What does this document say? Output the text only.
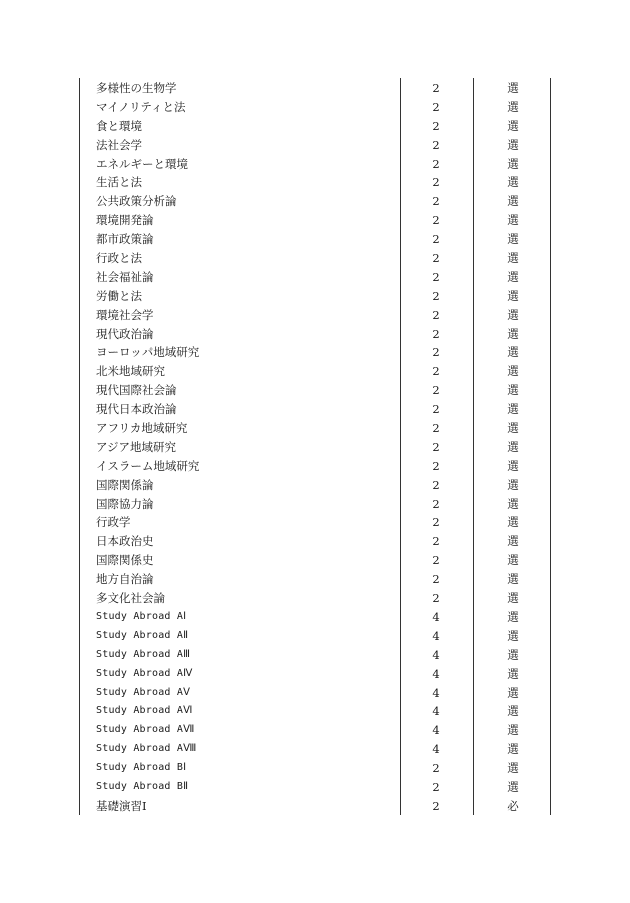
多様性の生物学	2	選
マイノリティと法	2	選
食と環境	2	選
法社会学	2	選
エネルギーと環境	2	選
生活と法	2	選
公共政策分析論	2	選
環境開発論	2	選
都市政策論	2	選
行政と法	2	選
社会福祉論	2	選
労働と法	2	選
環境社会学	2	選
現代政治論	2	選
ヨーロッパ地域研究	2	選
北米地域研究	2	選
現代国際社会論	2	選
現代日本政治論	2	選
アフリカ地域研究	2	選
アジア地域研究	2	選
イスラーム地域研究	2	選
国際関係論	2	選
国際協力論	2	選
行政学	2	選
日本政治史	2	選
国際関係史	2	選
地方自治論	2	選
多文化社会論	2	選
Study Abroad AⅠ	4	選
Study Abroad AⅡ	4	選
Study Abroad AⅢ	4	選
Study Abroad AⅣ	4	選
Study Abroad AⅤ	4	選
Study Abroad AⅥ	4	選
Study Abroad AⅦ	4	選
Study Abroad AⅧ	4	選
Study Abroad BⅠ	2	選
Study Abroad BⅡ	2	選
基礎演習Ⅰ	2	必
